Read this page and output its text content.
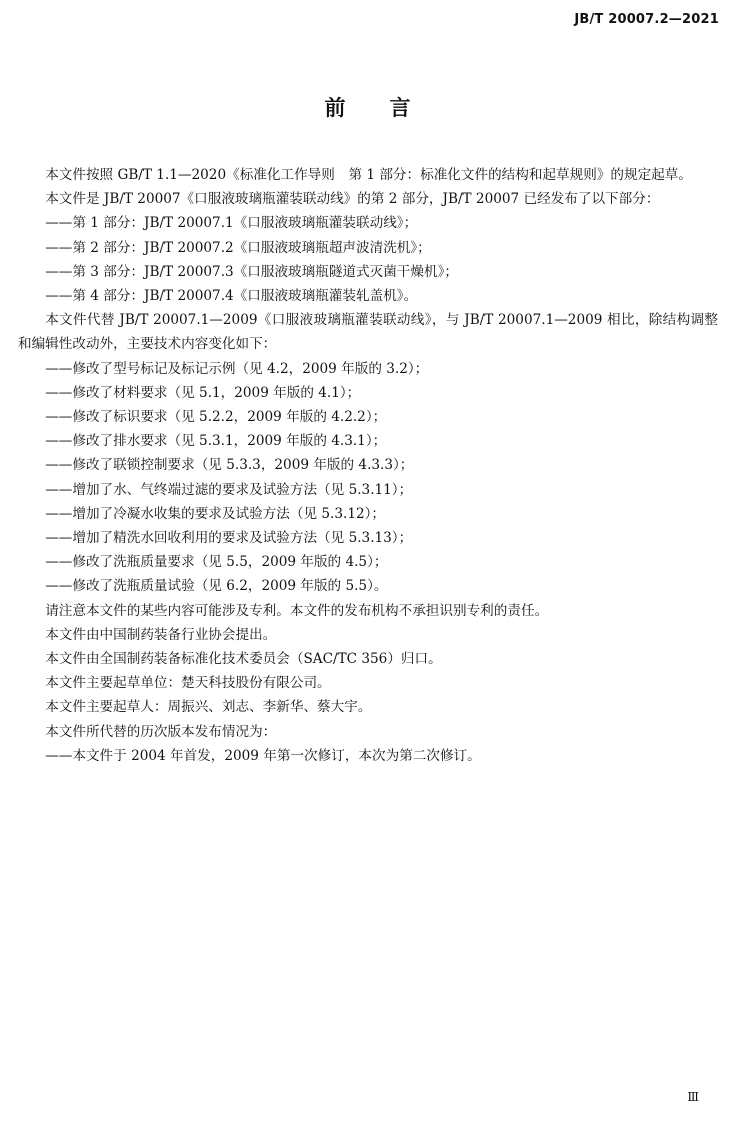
JB/T 20007.2—2021
前言

本文件按照 GB/T 1.1—2020《标准化工作导则　第 1 部分：标准化文件的结构和起草规则》的规定起草。

本文件是 JB/T 20007《口服液玻璃瓶灌装联动线》的第 2 部分，JB/T 20007 已经发布了以下部分：

——第 1 部分：JB/T 20007.1《口服液玻璃瓶灌装联动线》；

——第 2 部分：JB/T 20007.2《口服液玻璃瓶超声波清洗机》；

——第 3 部分：JB/T 20007.3《口服液玻璃瓶隧道式灭菌干燥机》；

——第 4 部分：JB/T 20007.4《口服液玻璃瓶灌装轧盖机》。

本文件代替 JB/T 20007.1—2009《口服液玻璃瓶灌装联动线》，与 JB/T 20007.1—2009 相比，除结构调整和编辑性改动外，主要技术内容变化如下：

——修改了型号标记及标记示例（见 4.2，2009 年版的 3.2）；

——修改了材料要求（见 5.1，2009 年版的 4.1）；

——修改了标识要求（见 5.2.2，2009 年版的 4.2.2）；

——修改了排水要求（见 5.3.1，2009 年版的 4.3.1）；

——修改了联锁控制要求（见 5.3.3，2009 年版的 4.3.3）；

——增加了水、气终端过滤的要求及试验方法（见 5.3.11）；

——增加了冷凝水收集的要求及试验方法（见 5.3.12）；

——增加了精洗水回收利用的要求及试验方法（见 5.3.13）；

——修改了洗瓶质量要求（见 5.5，2009 年版的 4.5）；

——修改了洗瓶质量试验（见 6.2，2009 年版的 5.5）。

请注意本文件的某些内容可能涉及专利。本文件的发布机构不承担识别专利的责任。

本文件由中国制药装备行业协会提出。

本文件由全国制药装备标准化技术委员会（SAC/TC 356）归口。

本文件主要起草单位：楚天科技股份有限公司。

本文件主要起草人：周振兴、刘志、李新华、蔡大宇。

本文件所代替的历次版本发布情况为：

——本文件于 2004 年首发，2009 年第一次修订，本次为第二次修订。

Ⅲ
